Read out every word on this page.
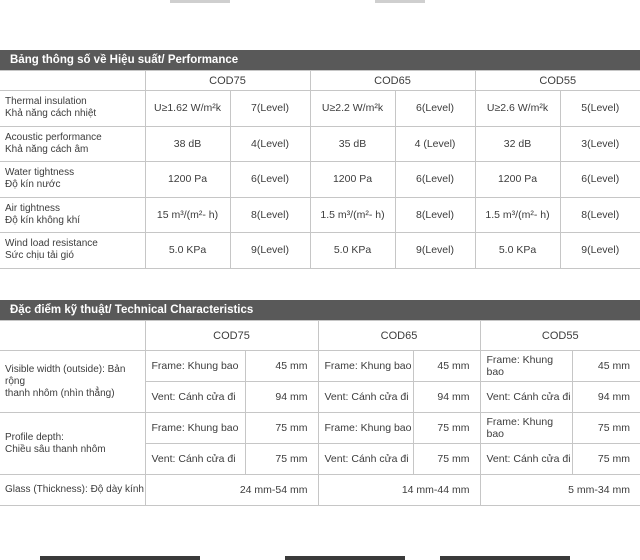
Bảng thông số về Hiệu suất/ Performance
	COD75		COD65		COD55	

Thermal insulation
Khả năng cách nhiệt	U≥1.62 W/m²k	7(Level)	U≥2.2 W/m²k	6(Level)	U≥2.6 W/m²k	5(Level)

Acoustic performance
Khả năng cách âm	38 dB	4(Level)	35 dB	4 (Level)	32 dB	3(Level)

Water tightness
Độ kín nước	1200 Pa	6(Level)	1200 Pa	6(Level)	1200 Pa	6(Level)

Air tightness
Độ kín không khí	15 m³/(m²- h)	8(Level)	1.5 m³/(m²- h)	8(Level)	1.5 m³/(m²- h)	8(Level)

Wind load resistance
Sức chịu tải gió	5.0 KPa	9(Level)	5.0 KPa	9(Level)	5.0 KPa	9(Level)
Đặc điểm kỹ thuật/ Technical Characteristics
	COD75		COD65		COD55	

Visible width (outside): Bản rộng
thanh nhôm (nhìn thẳng)	Frame: Khung bao	45 mm	Frame: Khung bao	45 mm	Frame: Khung bao	45 mm
	Vent: Cánh cửa đi	94 mm	Vent: Cánh cửa đi	94 mm	Vent: Cánh cửa đi	94 mm

Profile depth:
Chiều sâu thanh nhôm	Frame: Khung bao	75 mm	Frame: Khung bao	75 mm	Frame: Khung bao	75 mm
	Vent: Cánh cửa đi	75 mm	Vent: Cánh cửa đi	75 mm	Vent: Cánh cửa đi	75 mm
Glass (Thickness): Độ dày kính	24 mm-54 mm		14 mm-44 mm		5 mm-34 mm	
